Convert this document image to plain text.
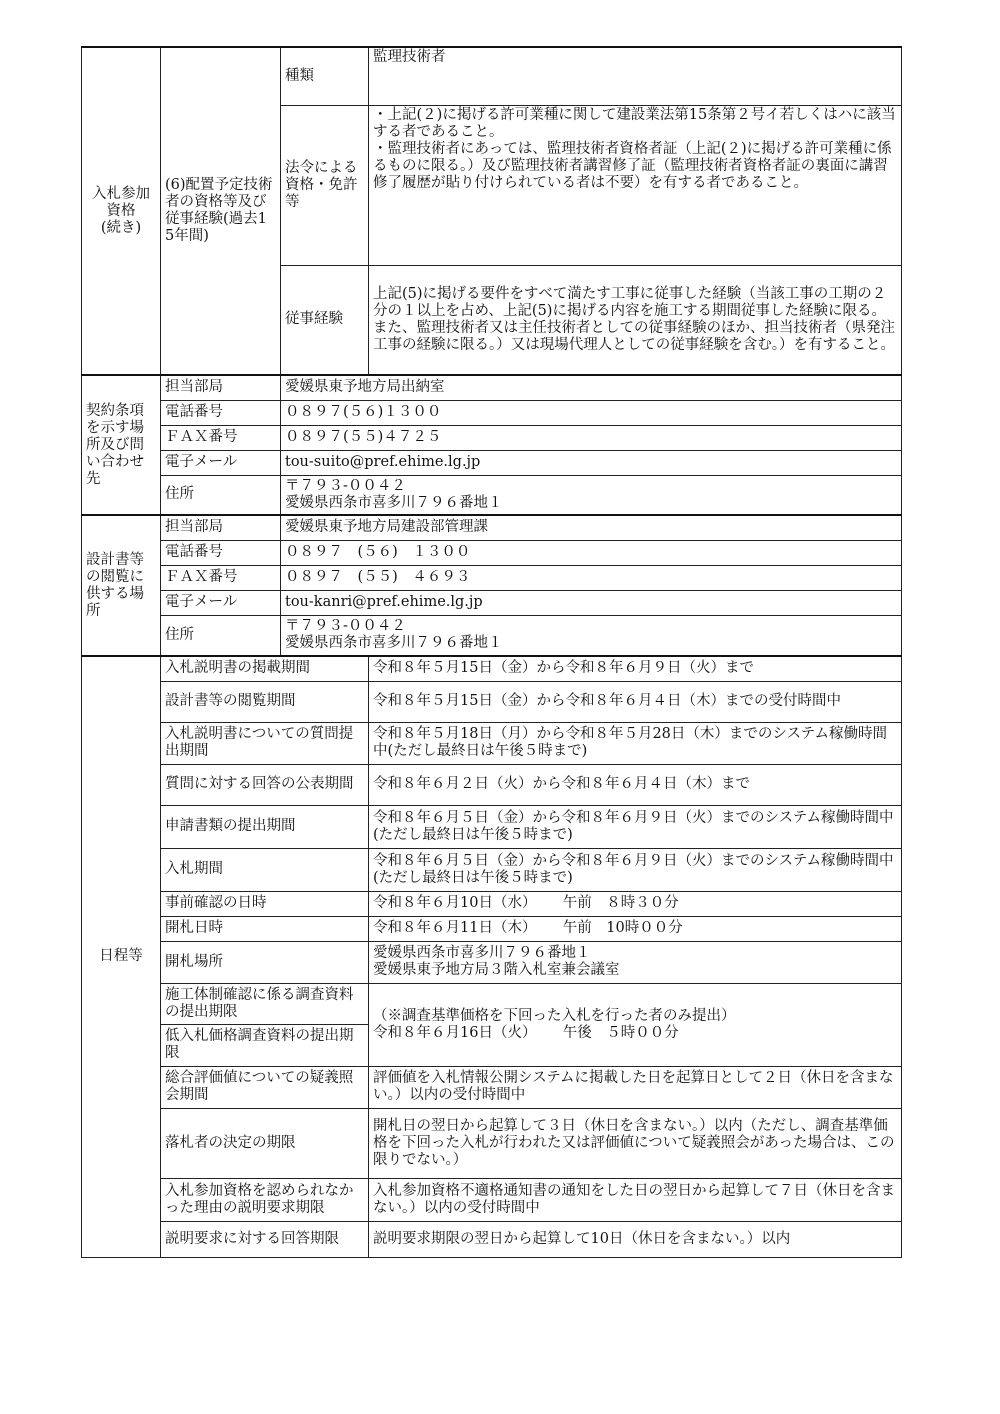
入札参加
資格
(続き)	(6)配置予定技術者の資格等及び従事経験(過去15年間)	種類	監理技術者
		法令による資格・免許等	・上記(２)に掲げる許可業種に関して建設業法第15条第２号イ若しくはハに該当する者であること。
・監理技術者にあっては、監理技術者資格者証（上記(２)に掲げる許可業種に係るものに限る。）及び監理技術者講習修了証（監理技術者資格者証の裏面に講習修了履歴が貼り付けられている者は不要）を有する者であること。
		従事経験	上記(5)に掲げる要件をすべて満たす工事に従事した経験（当該工事の工期の２分の１以上を占め、上記(5)に掲げる内容を施工する期間従事した経験に限る。また、監理技術者又は主任技術者としての従事経験のほか、担当技術者（県発注工事の経験に限る。）又は現場代理人としての従事経験を含む。）を有すること。
契約条項を示す場所及び問い合わせ先	担当部局	愛媛県東予地方局出納室	
	電話番号	０８９７(５６)１３００	
	ＦＡＸ番号	０８９７(５５)４７２５	
	電子メール	tou-suito@pref.ehime.lg.jp	
	住所	〒７９３-００４２
愛媛県西条市喜多川７９６番地１	
設計書等の閲覧に供する場所	担当部局	愛媛県東予地方局建設部管理課	
	電話番号	０８９７　(５６)　１３００	
	ＦＡＸ番号	０８９７　(５５)　４６９３	
	電子メール	tou-kanri@pref.ehime.lg.jp	
	住所	〒７９３-００４２
愛媛県西条市喜多川７９６番地１	
日程等	入札説明書の掲載期間		令和８年５月15日（金）から令和８年６月９日（火）まで
	設計書等の閲覧期間		令和８年５月15日（金）から令和８年６月４日（木）までの受付時間中
	入札説明書についての質問提出期間		令和８年５月18日（月）から令和８年５月28日（木）までのシステム稼働時間中(ただし最終日は午後５時まで)
	質問に対する回答の公表期間		令和８年６月２日（火）から令和８年６月４日（木）まで
	申請書類の提出期間		令和８年６月５日（金）から令和８年６月９日（火）までのシステム稼働時間中(ただし最終日は午後５時まで)
	入札期間		令和８年６月５日（金）から令和８年６月９日（火）までのシステム稼働時間中(ただし最終日は午後５時まで)
	事前確認の日時		令和８年６月10日（水）　　 午前　８時３０分
	開札日時		令和８年６月11日（木）　　 午前　10時００分
	開札場所		愛媛県西条市喜多川７９６番地１
愛媛県東予地方局３階入札室兼会議室
	施工体制確認に係る調査資料の提出期限		（※調査基準価格を下回った入札を行った者のみ提出）
令和８年６月16日（火）　　 午後　５時００分
	低入札価格調査資料の提出期限		
	総合評価値についての疑義照会期間		評価値を入札情報公開システムに掲載した日を起算日として２日（休日を含まない。）以内の受付時間中
	落札者の決定の期限		開札日の翌日から起算して３日（休日を含まない。）以内（ただし、調査基準価格を下回った入札が行われた又は評価値について疑義照会があった場合は、この限りでない。）
	入札参加資格を認められなかった理由の説明要求期限		入札参加資格不適格通知書の通知をした日の翌日から起算して７日（休日を含まない。）以内の受付時間中
	説明要求に対する回答期限		説明要求期限の翌日から起算して10日（休日を含まない。）以内
